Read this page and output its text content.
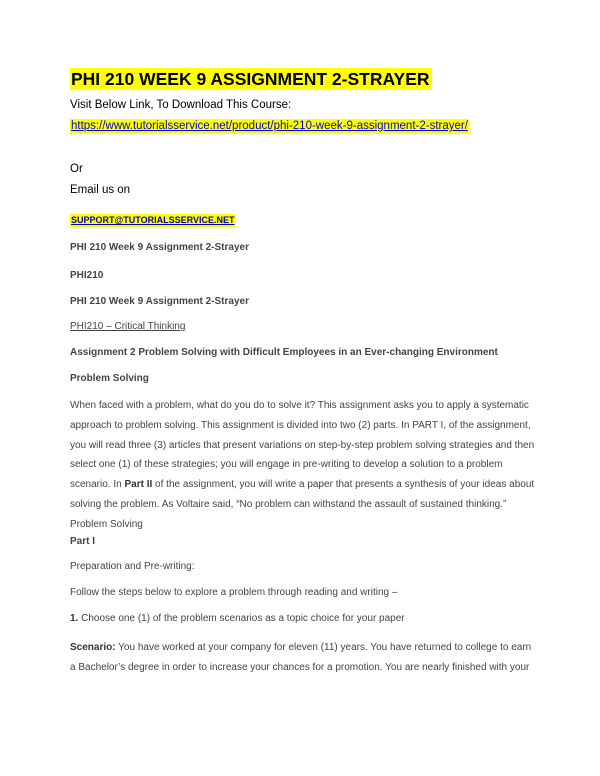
PHI 210 WEEK 9 ASSIGNMENT 2-STRAYER
Visit Below Link, To Download This Course:
https://www.tutorialsservice.net/product/phi-210-week-9-assignment-2-strayer/
Or
Email us on
SUPPORT@TUTORIALSSERVICE.NET
PHI 210 Week 9 Assignment 2-Strayer
PHI210
PHI 210 Week 9 Assignment 2-Strayer
PHI210 – Critical Thinking
Assignment 2 Problem Solving with Difficult Employees in an Ever-changing Environment
Problem Solving
When faced with a problem, what do you do to solve it? This assignment asks you to apply a systematic
approach to problem solving. This assignment is divided into two (2) parts. In PART I, of the assignment,
you will read three (3) articles that present variations on step-by-step problem solving strategies and then
select one (1) of these strategies; you will engage in pre-writing to develop a solution to a problem
scenario. In Part II of the assignment, you will write a paper that presents a synthesis of your ideas about
solving the problem. As Voltaire said, “No problem can withstand the assault of sustained thinking.”
Problem Solving
Part I
Preparation and Pre-writing:
Follow the steps below to explore a problem through reading and writing –
1. Choose one (1) of the problem scenarios as a topic choice for your paper
Scenario: You have worked at your company for eleven (11) years. You have returned to college to earn
a Bachelor’s degree in order to increase your chances for a promotion. You are nearly finished with your
